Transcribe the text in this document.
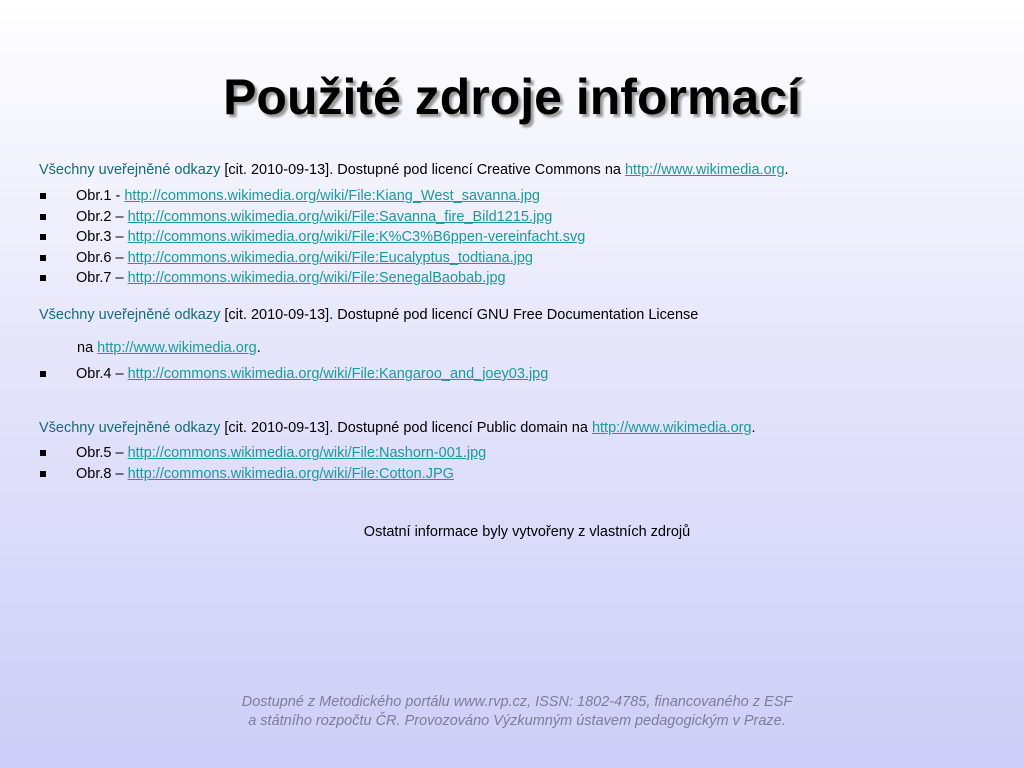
Použité zdroje informací
Všechny uveřejněné odkazy [cit. 2010-09-13]. Dostupné pod licencí Creative Commons na http://www.wikimedia.org.
Obr.1 - http://commons.wikimedia.org/wiki/File:Kiang_West_savanna.jpg
Obr.2 – http://commons.wikimedia.org/wiki/File:Savanna_fire_Bild1215.jpg
Obr.3 – http://commons.wikimedia.org/wiki/File:K%C3%B6ppen-vereinfacht.svg
Obr.6 – http://commons.wikimedia.org/wiki/File:Eucalyptus_todtiana.jpg
Obr.7 – http://commons.wikimedia.org/wiki/File:SenegalBaobab.jpg
Všechny uveřejněné odkazy [cit. 2010-09-13]. Dostupné pod licencí GNU Free Documentation License
na http://www.wikimedia.org.
Obr.4 – http://commons.wikimedia.org/wiki/File:Kangaroo_and_joey03.jpg
Všechny uveřejněné odkazy [cit. 2010-09-13]. Dostupné pod licencí Public domain na http://www.wikimedia.org.
Obr.5 – http://commons.wikimedia.org/wiki/File:Nashorn-001.jpg
Obr.8 – http://commons.wikimedia.org/wiki/File:Cotton.JPG
Ostatní informace byly vytvořeny z vlastních zdrojů
Dostupné z Metodického portálu www.rvp.cz, ISSN: 1802-4785, financovaného z ESF
a státního rozpočtu ČR. Provozováno Výzkumným ústavem pedagogickým v Praze.
